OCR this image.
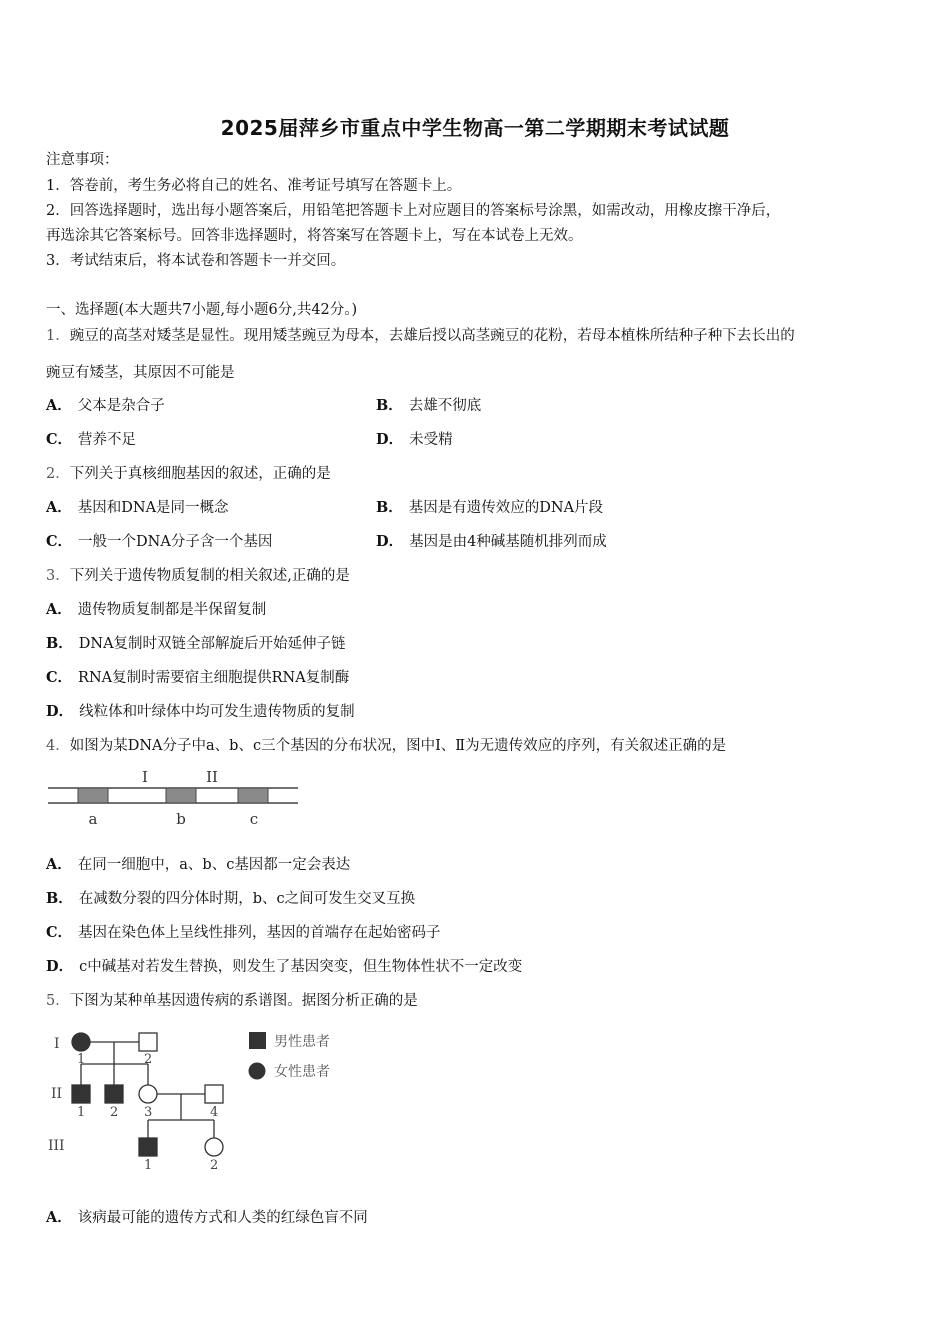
2025届萍乡市重点中学生物高一第二学期期末考试试题
注意事项：
1．答卷前，考生务必将自己的姓名、准考证号填写在答题卡上。
2．回答选择题时，选出每小题答案后，用铅笔把答题卡上对应题目的答案标号涂黑，如需改动，用橡皮擦干净后，
再选涂其它答案标号。回答非选择题时，将答案写在答题卡上，写在本试卷上无效。
3．考试结束后，将本试卷和答题卡一并交回。
一、选择题(本大题共7小题,每小题6分,共42分。)
1．豌豆的高茎对矮茎是显性。现用矮茎豌豆为母本，去雄后授以高茎豌豆的花粉，若母本植株所结种子种下去长出的
豌豆有矮茎，其原因不可能是
A． 父本是杂合子	B． 去雄不彻底
C． 营养不足	D． 未受精
2．下列关于真核细胞基因的叙述，正确的是
A． 基因和DNA是同一概念	B． 基因是有遗传效应的DNA片段
C． 一般一个DNA分子含一个基因	D． 基因是由4种碱基随机排列而成
3．下列关于遗传物质复制的相关叙述,正确的是
A． 遗传物质复制都是半保留复制
B． DNA复制时双链全部解旋后开始延伸子链
C． RNA复制时需要宿主细胞提供RNA复制酶
D． 线粒体和叶绿体中均可发生遗传物质的复制
4．如图为某DNA分子中a、b、c三个基因的分布状况，图中Ⅰ、Ⅱ为无遗传效应的序列，有关叙述正确的是
I	II
a	b	c
A． 在同一细胞中，a、b、c基因都一定会表达
B． 在减数分裂的四分体时期，b、c之间可发生交叉互换
C． 基因在染色体上呈线性排列，基因的首端存在起始密码子
D． c中碱基对若发生替换，则发生了基因突变，但生物体性状不一定改变
5．下图为某种单基因遗传病的系谱图。据图分析正确的是
I
II
III
1	2
1 2 3	4
1	2
男性患者
女性患者
A． 该病最可能的遗传方式和人类的红绿色盲不同
